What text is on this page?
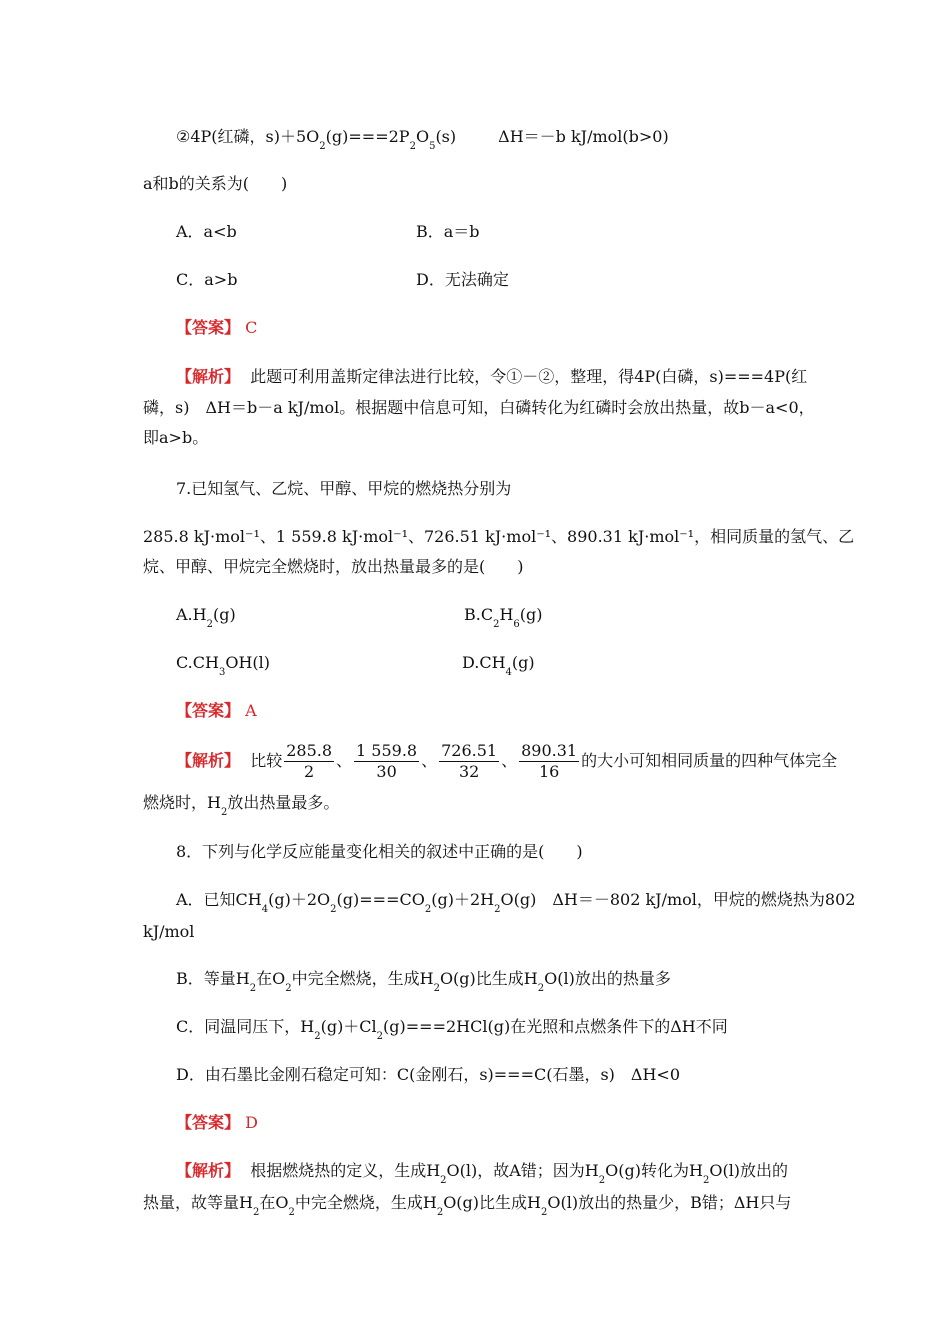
②4P(红磷，$s)+5O_2(g)===2P_2O_5(s)$	ΔH＝－b kJ/mol(b>0)
a和b的关系为(　　)
A．a<b	B．a＝b
C．a>b	D．无法确定
【答案】 C
【解析】 此题可利用盖斯定律法进行比较，令①－②，整理，得4P(白磷，s)===4P(红
磷，s)　ΔH＝b－a kJ/mol。根据题中信息可知，白磷转化为红磷时会放出热量，故b－a<0，
即a>b。
7.已知氢气、乙烷、甲醇、甲烷的燃烧热分别为
285.8 kJ·mol⁻¹、1 559.8 kJ·mol⁻¹、726.51 kJ·mol⁻¹、890.31 kJ·mol⁻¹，相同质量的氢气、乙
烷、甲醇、甲烷完全燃烧时，放出热量最多的是(　　)
$A.H_2(g)$	$B.C_2H_6(g)$
$C.CH_3OH(l)$	$D.CH_4(g)$
【答案】 A
【解析】 比较 $\frac{285.8}{2}$ 、 $\frac{1 559.8}{30}$ 、 $\frac{726.51}{32}$ 、 $\frac{890.31}{16}$ 的大小可知相同质量的四种气体完全
燃烧时，$H_2$放出热量最多。
8．下列与化学反应能量变化相关的叙述中正确的是(　　)
A．已知$CH_4(g)+2O_2(g)===CO_2(g)+2H_2O(g)$　ΔH＝－802 kJ/mol，甲烷的燃烧热为802
kJ/mol
B．等量$H_2$在$O_2$中完全燃烧，生成$H_2O(g)$比生成$H_2O(l)$放出的热量多
C．同温同压下，$H_2(g)+Cl_2(g)===2HCl(g)$在光照和点燃条件下的ΔH不同
D．由石墨比金刚石稳定可知：C(金刚石，s)===C(石墨，s)　ΔH<0
【答案】 D
【解析】 根据燃烧热的定义，生成$H_2O(l)$，故A错；因为$H_2O(g)$转化为$H_2O(l)$放出的
热量，故等量$H_2$在$O_2$中完全燃烧，生成$H_2O(g)$比生成$H_2O(l)$放出的热量少，B错；ΔH只与
